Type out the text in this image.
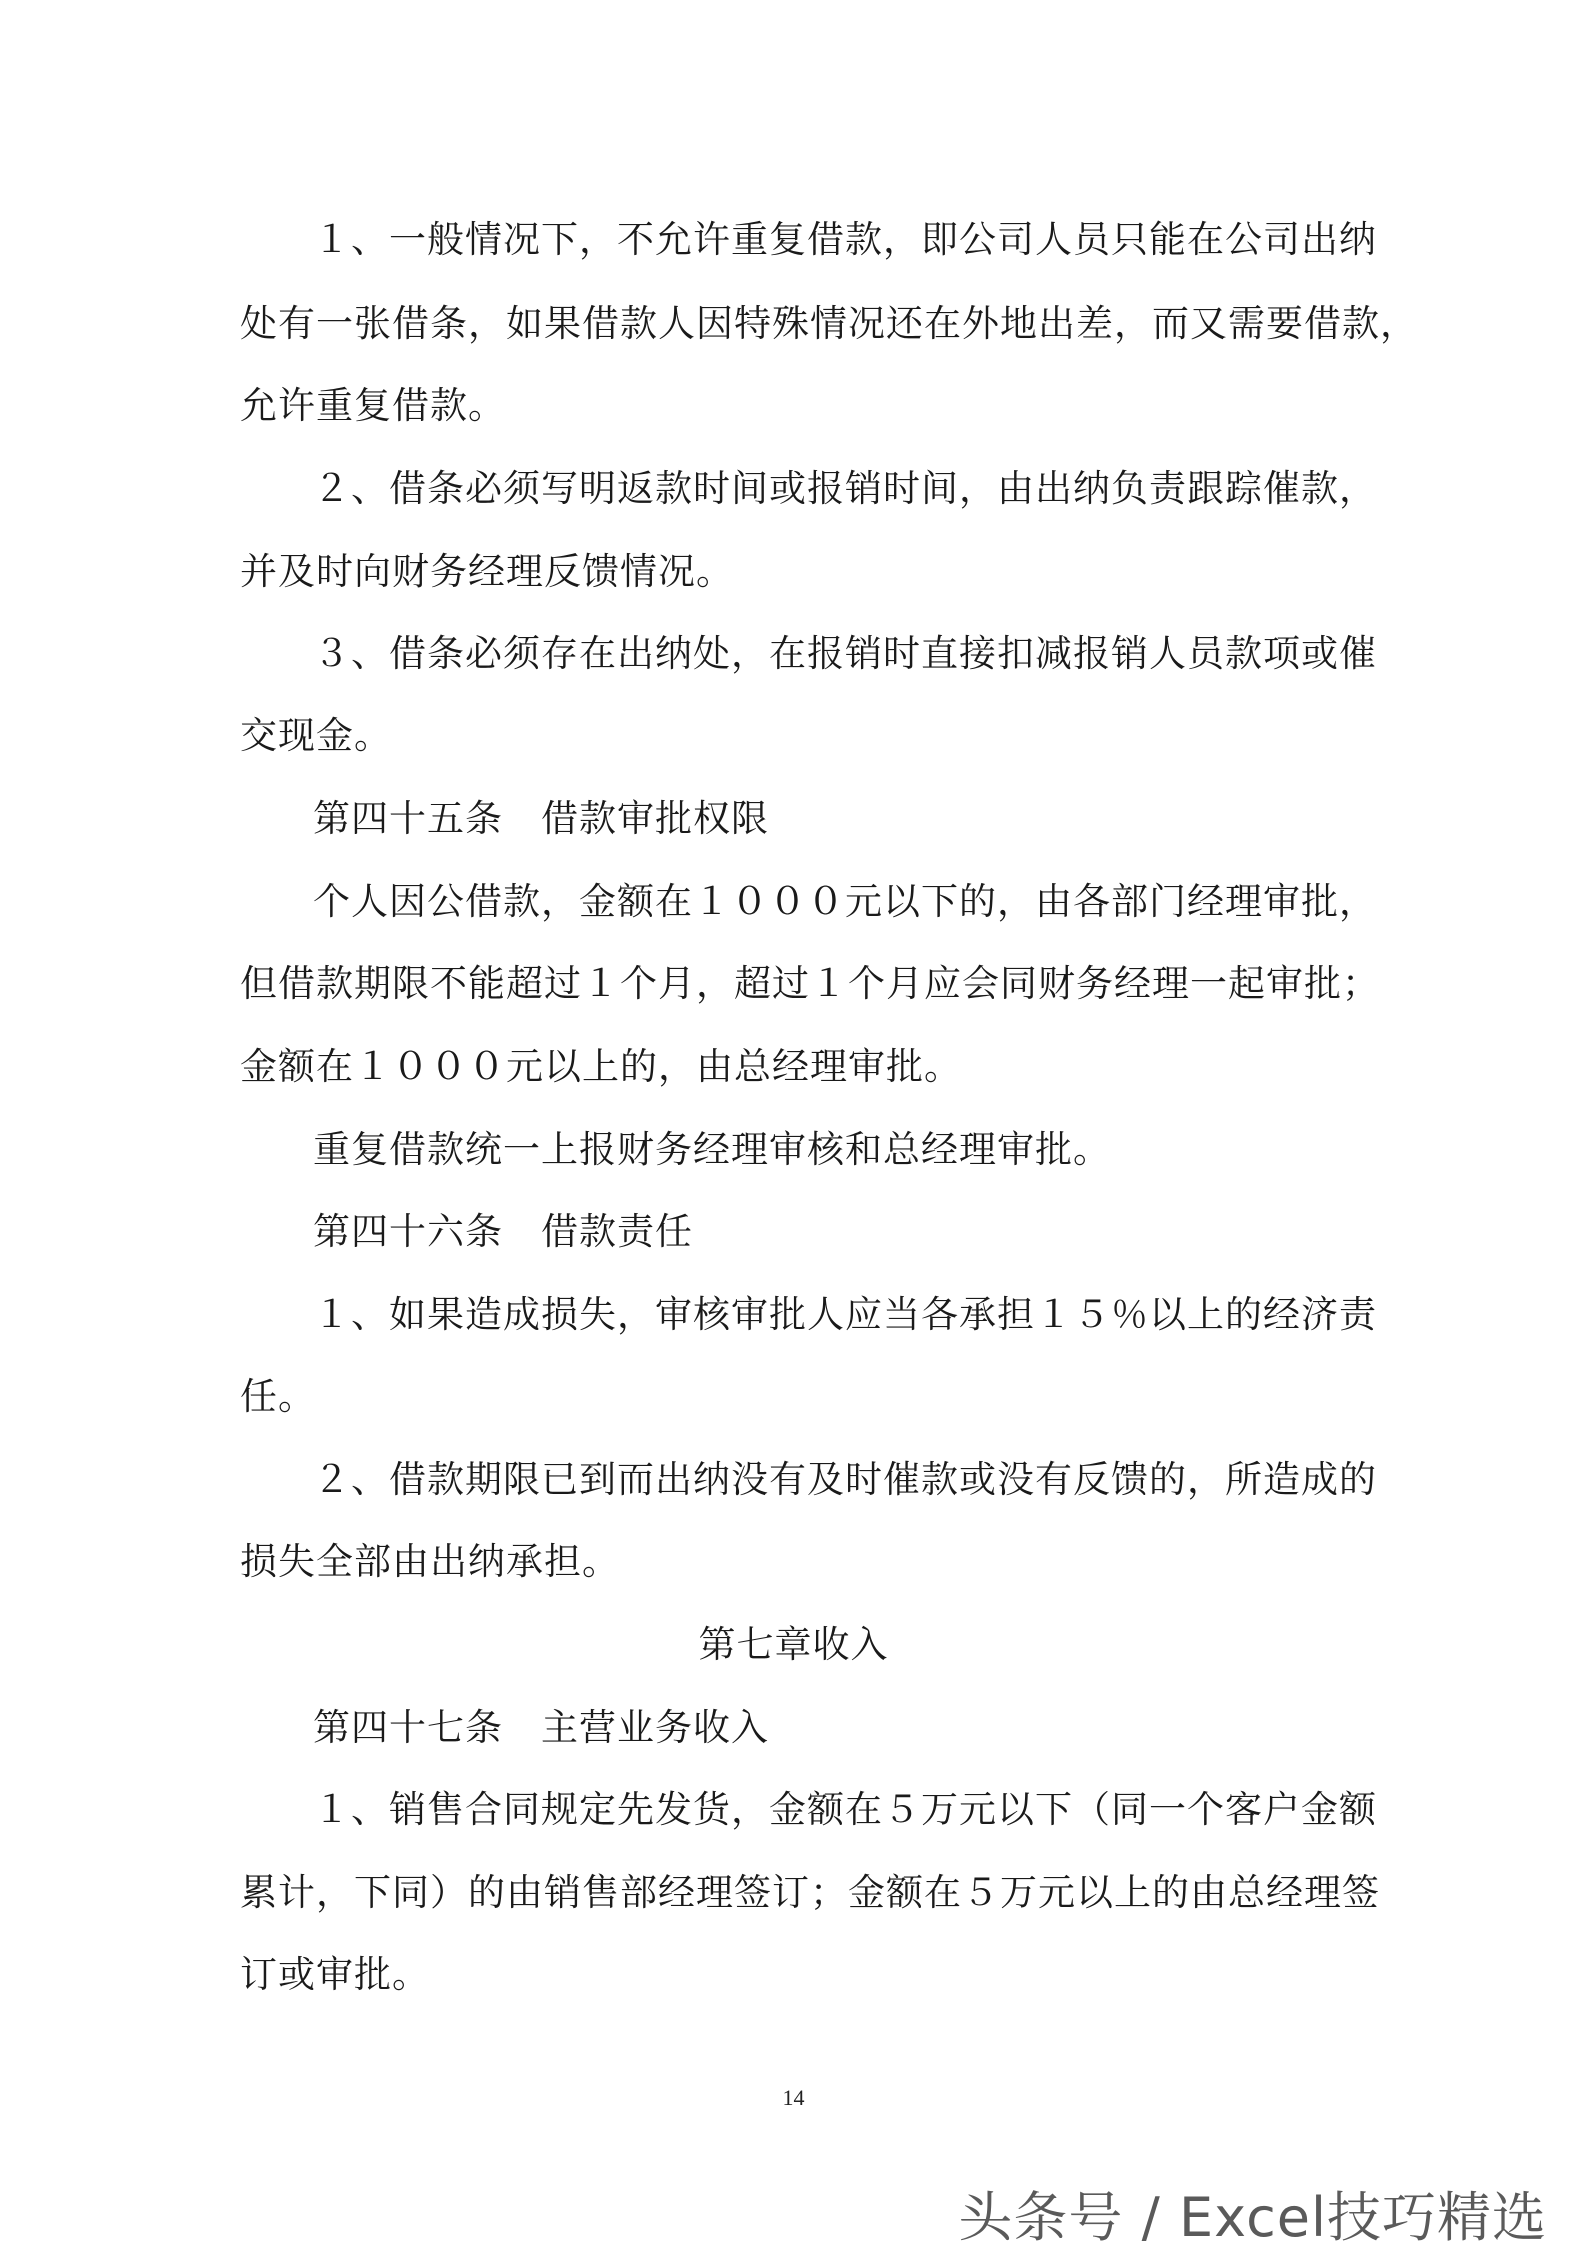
１、一般情况下，不允许重复借款，即公司人员只能在公司出纳
处有一张借条，如果借款人因特殊情况还在外地出差，而又需要借款，
允许重复借款。
２、借条必须写明返款时间或报销时间，由出纳负责跟踪催款，
并及时向财务经理反馈情况。
３、借条必须存在出纳处，在报销时直接扣减报销人员款项或催
交现金。
第四十五条　借款审批权限
个人因公借款，金额在１０００元以下的，由各部门经理审批，
但借款期限不能超过１个月，超过１个月应会同财务经理一起审批；
金额在１０００元以上的，由总经理审批。
重复借款统一上报财务经理审核和总经理审批。
第四十六条　借款责任
１、如果造成损失，审核审批人应当各承担１５％以上的经济责
任。
２、借款期限已到而出纳没有及时催款或没有反馈的，所造成的
损失全部由出纳承担。
第七章收入
第四十七条　主营业务收入
１、销售合同规定先发货，金额在５万元以下（同一个客户金额
累计，下同）的由销售部经理签订；金额在５万元以上的由总经理签
订或审批。
14
头条号 / Excel技巧精选
